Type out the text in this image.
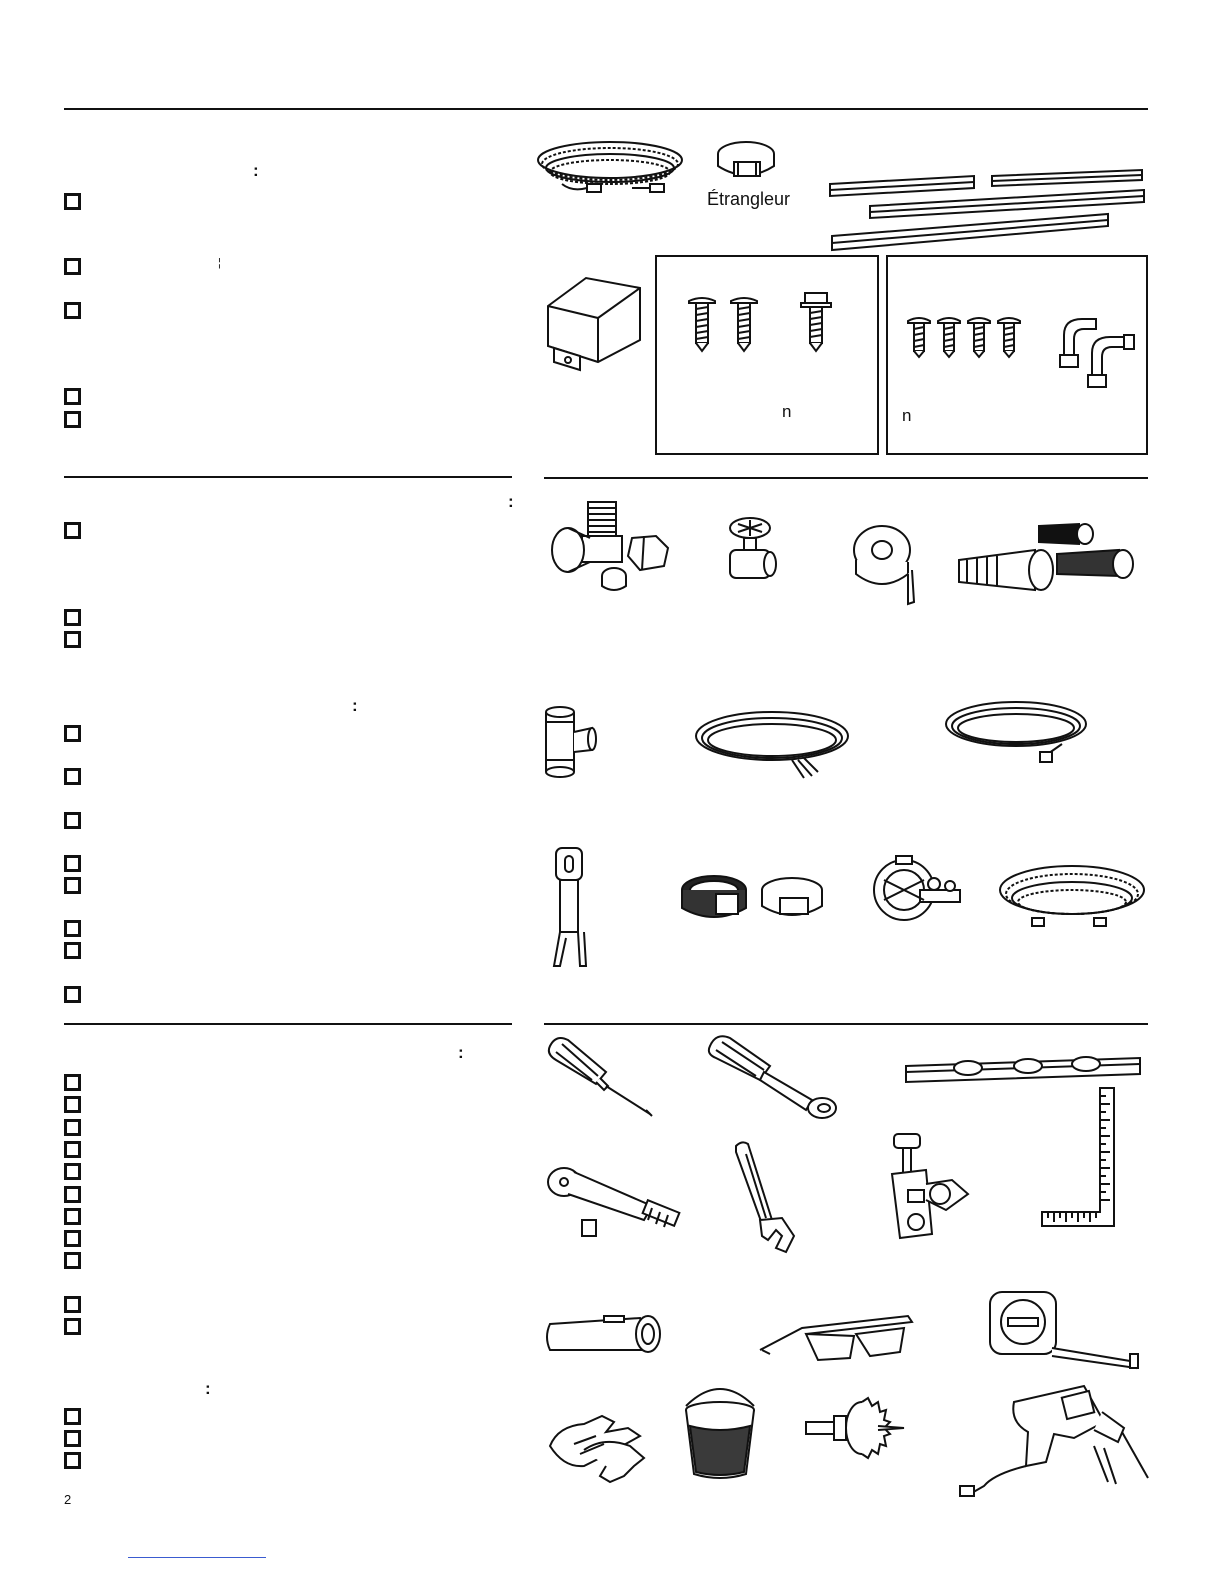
:
¦
Étrangleur
n	n
:
:
:
:
2
